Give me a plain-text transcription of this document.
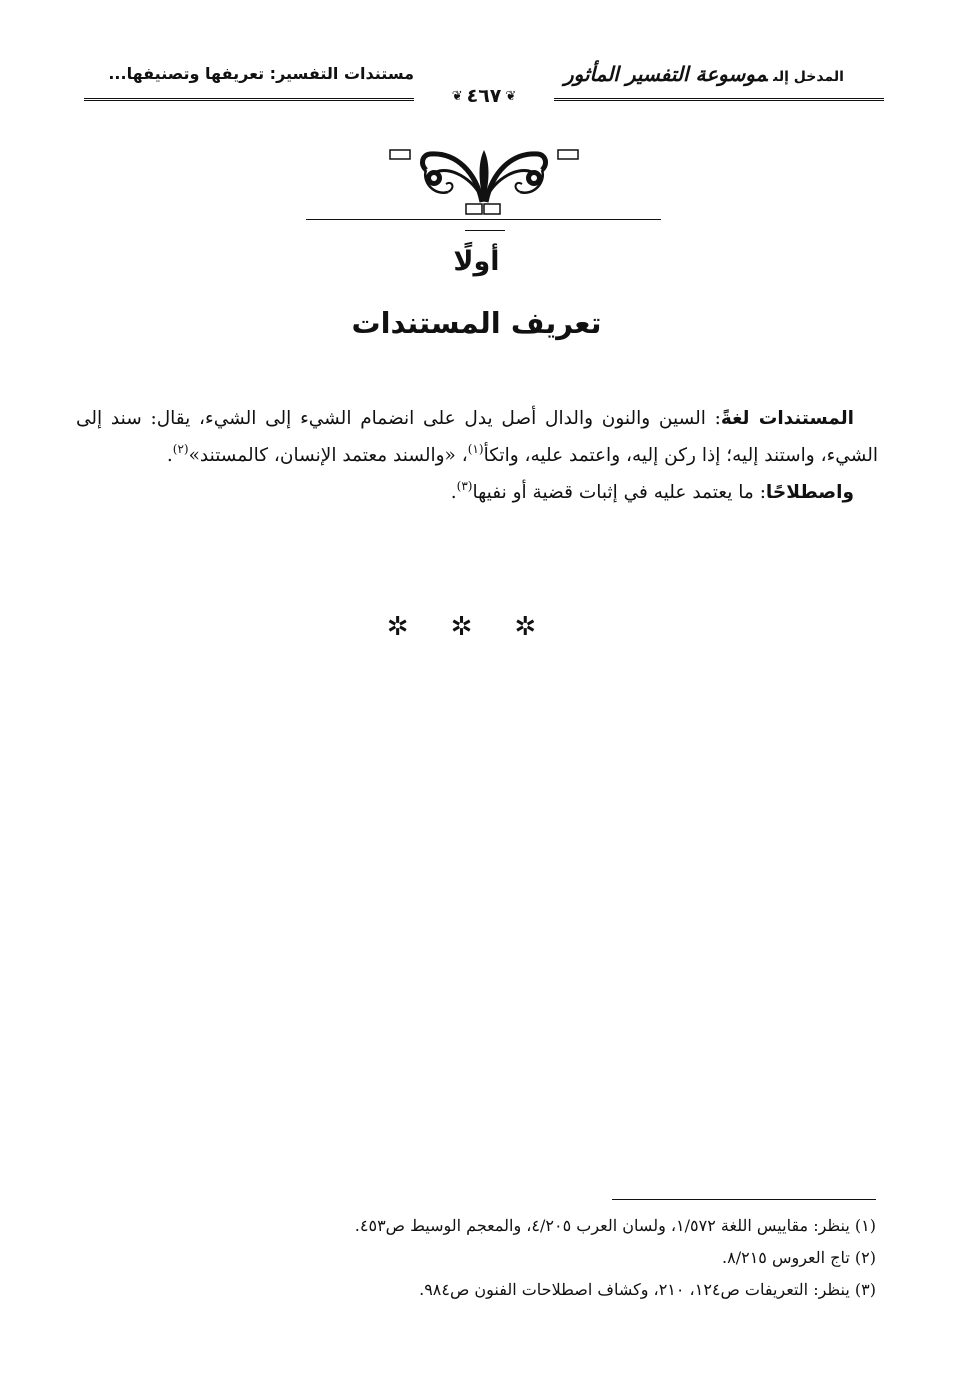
المدخل إلىموسوعة التفسير المأثور
مستندات التفسير: تعريفها وتصنيفها...
❦ ٤٦٧ ❦
أولًا
تعريف المستندات

المستندات لغةً: السين والنون والدال أصل يدل على انضمام الشيء إلى الشيء، يقال: سند إلى الشيء، واستند إليه؛ إذا ركن إليه، واعتمد عليه، واتكأ$^{(١)}$، «والسند معتمد الإنسان، كالمستند»$^{(٢)}$.

واصطلاحًا: ما يعتمد عليه في إثبات قضية أو نفيها$^{(٣)}$.

✲✲✲
(١) ينظر: مقاييس اللغة ١/٥٧٢، ولسان العرب ٤/٢٠٥، والمعجم الوسيط ص٤٥٣.
(٢) تاج العروس ٨/٢١٥.
(٣) ينظر: التعريفات ص١٢٤، ٢١٠، وكشاف اصطلاحات الفنون ص٩٨٤.
